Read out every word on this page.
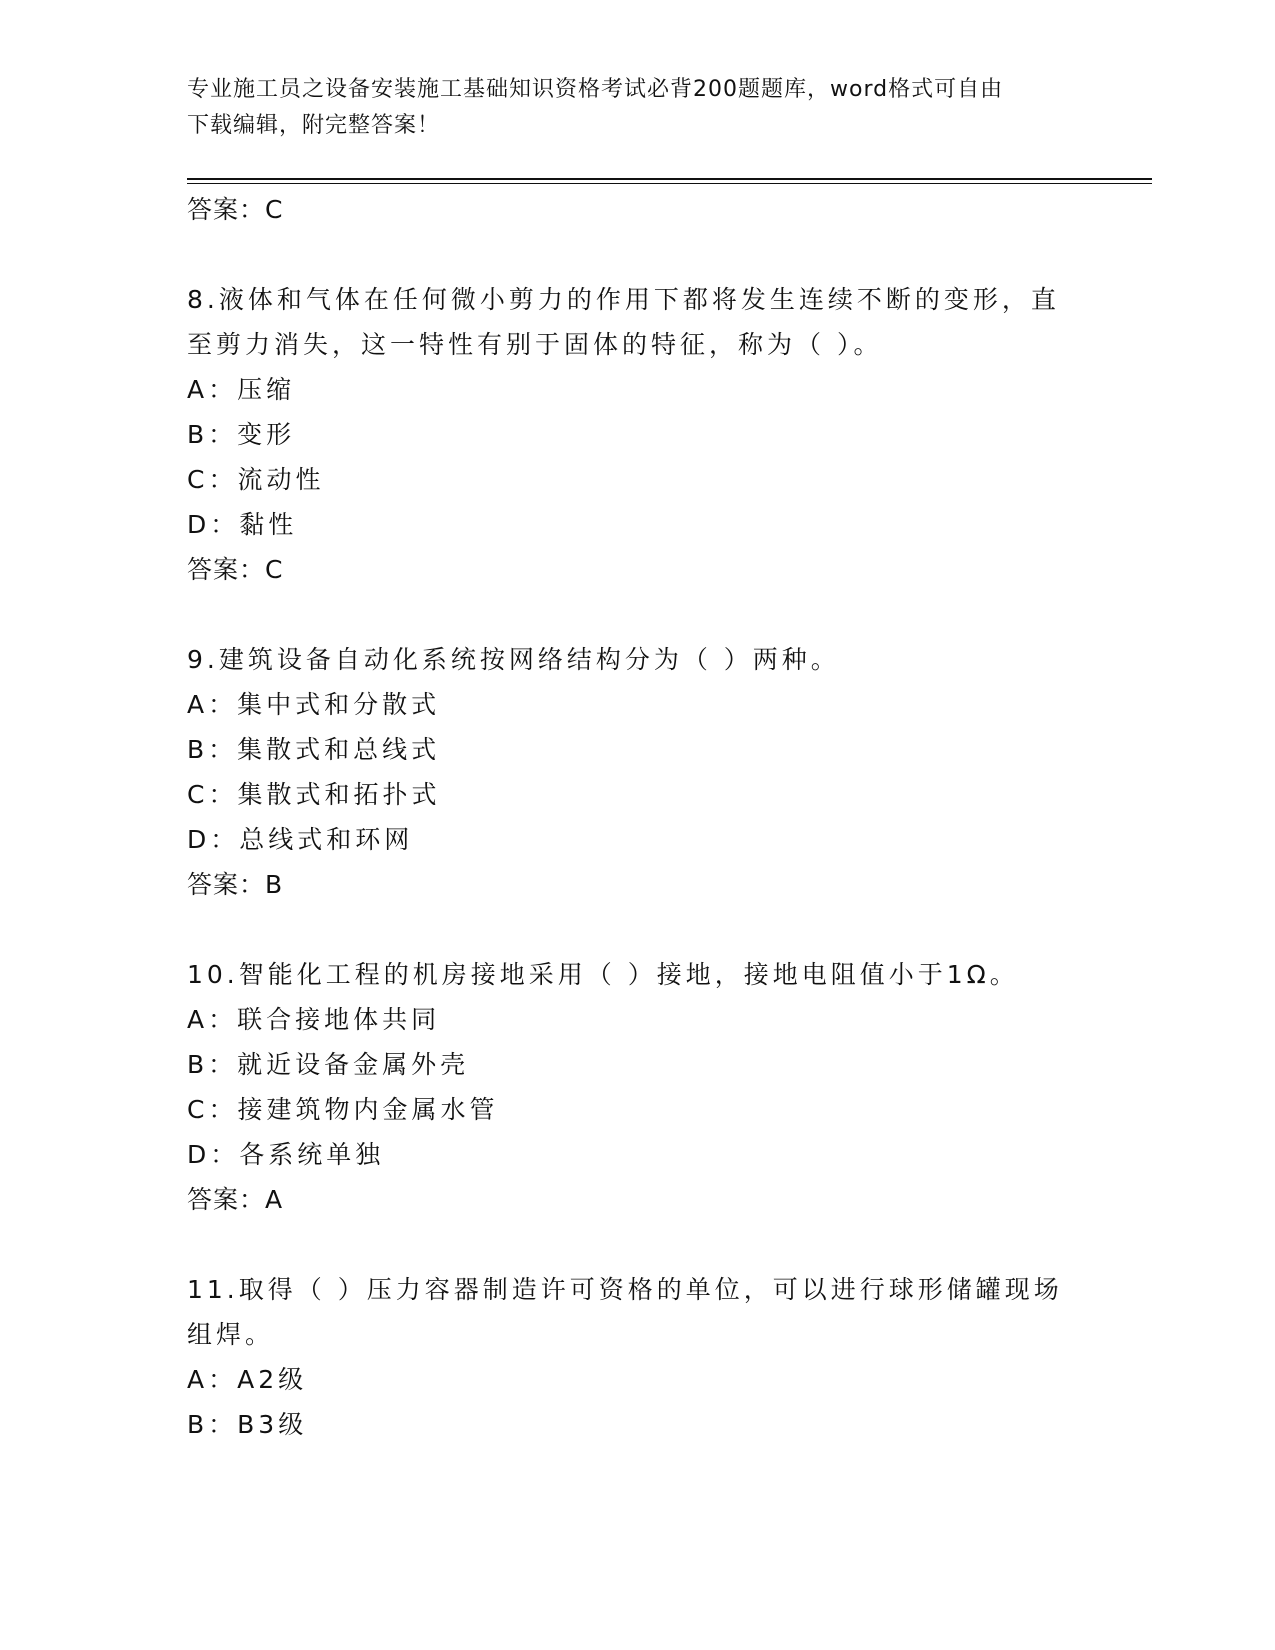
专业施工员之设备安装施工基础知识资格考试必背200题题库，word格式可自由
下载编辑，附完整答案！
答案：C
8.液体和气体在任何微小剪力的作用下都将发生连续不断的变形，直
至剪力消失，这一特性有别于固体的特征，称为（ ）。
A：压缩
B：变形
C：流动性
D：黏性
答案：C
9.建筑设备自动化系统按网络结构分为（ ）两种。
A：集中式和分散式
B：集散式和总线式
C：集散式和拓扑式
D：总线式和环网
答案：B
10.智能化工程的机房接地采用（ ）接地，接地电阻值小于1Ω。
A：联合接地体共同
B：就近设备金属外壳
C：接建筑物内金属水管
D：各系统单独
答案：A
11.取得（ ）压力容器制造许可资格的单位，可以进行球形储罐现场
组焊。
A：A2级
B：B3级
